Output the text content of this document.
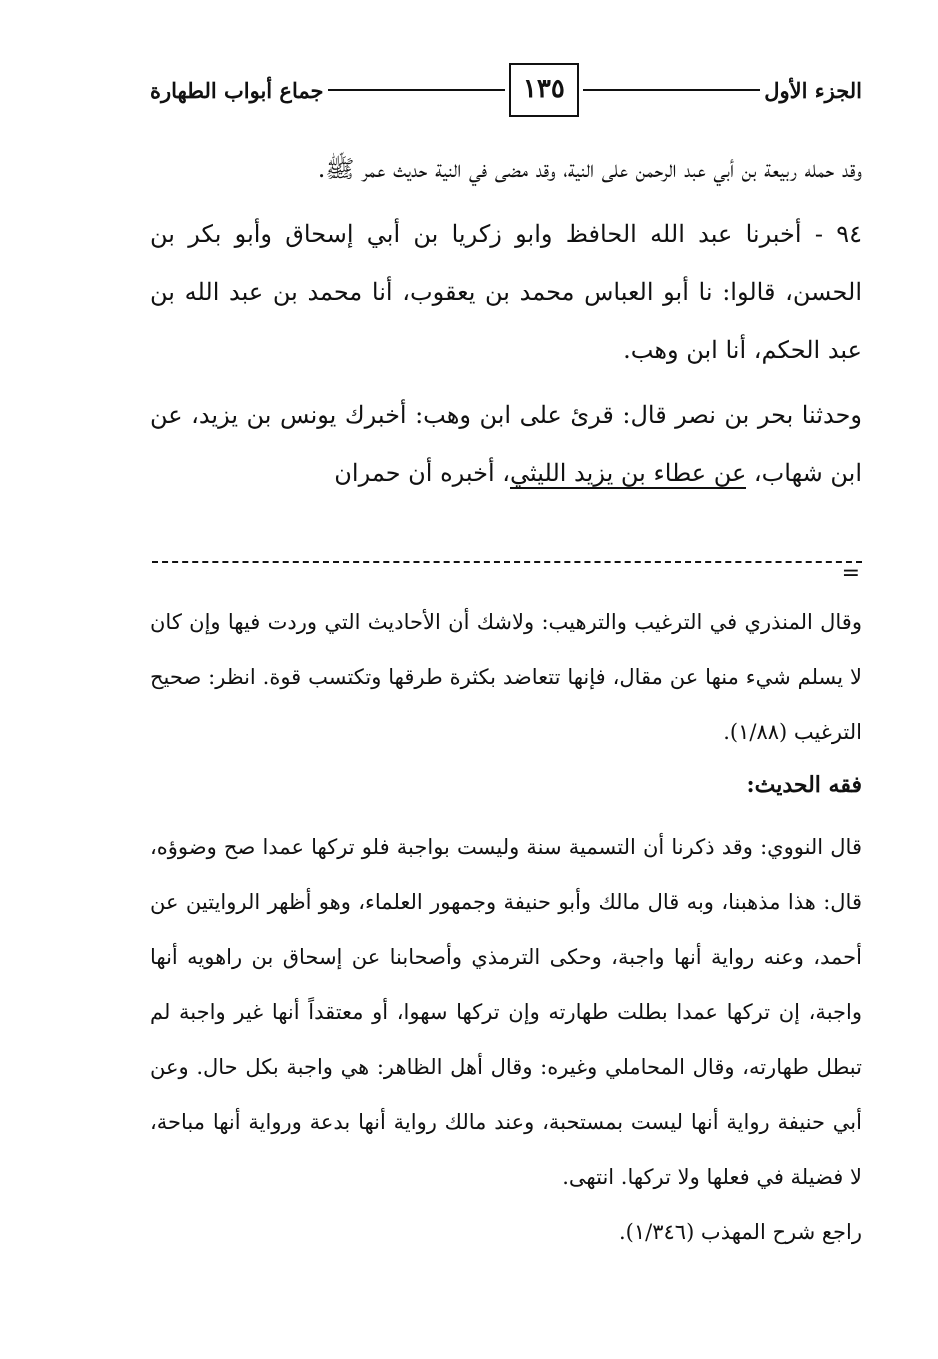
الجزء الأول
١٣٥
جماع أبواب الطهارة

وقد حمله ربيعة بن أبي عبد الرحمن على النية، وقد مضى في النية حديث عمر ﷺ.

٩٤ - أخبرنا عبد الله الحافظ وابو زكريا بن أبي إسحاق وأبو بكر بن الحسن، قالوا: نا أبو العباس محمد بن يعقوب، أنا محمد بن عبد الله بن عبد الحكم، أنا ابن وهب.

وحدثنا بحر بن نصر قال: قرئ على ابن وهب: أخبرك يونس بن يزيد، عن ابن شهاب، عن عطاء بن يزيد الليثي، أخبره أن حمران

=

وقال المنذري في الترغيب والترهيب: ولاشك أن الأحاديث التي وردت فيها وإن كان لا يسلم شيء منها عن مقال، فإنها تتعاضد بكثرة طرقها وتكتسب قوة. انظر: صحيح الترغيب (١/٨٨).

فقه الحديث:

قال النووي: وقد ذكرنا أن التسمية سنة وليست بواجبة فلو تركها عمدا صح وضوؤه، قال: هذا مذهبنا، وبه قال مالك وأبو حنيفة وجمهور العلماء، وهو أظهر الروايتين عن أحمد، وعنه رواية أنها واجبة، وحكى الترمذي وأصحابنا عن إسحاق بن راهويه أنها واجبة، إن تركها عمدا بطلت طهارته وإن تركها سهوا، أو معتقداً أنها غير واجبة لم تبطل طهارته، وقال المحاملي وغيره: وقال أهل الظاهر: هي واجبة بكل حال. وعن أبي حنيفة رواية أنها ليست بمستحبة، وعند مالك رواية أنها بدعة ورواية أنها مباحة، لا فضيلة في فعلها ولا تركها. انتهى.

راجع شرح المهذب (١/٣٤٦).
